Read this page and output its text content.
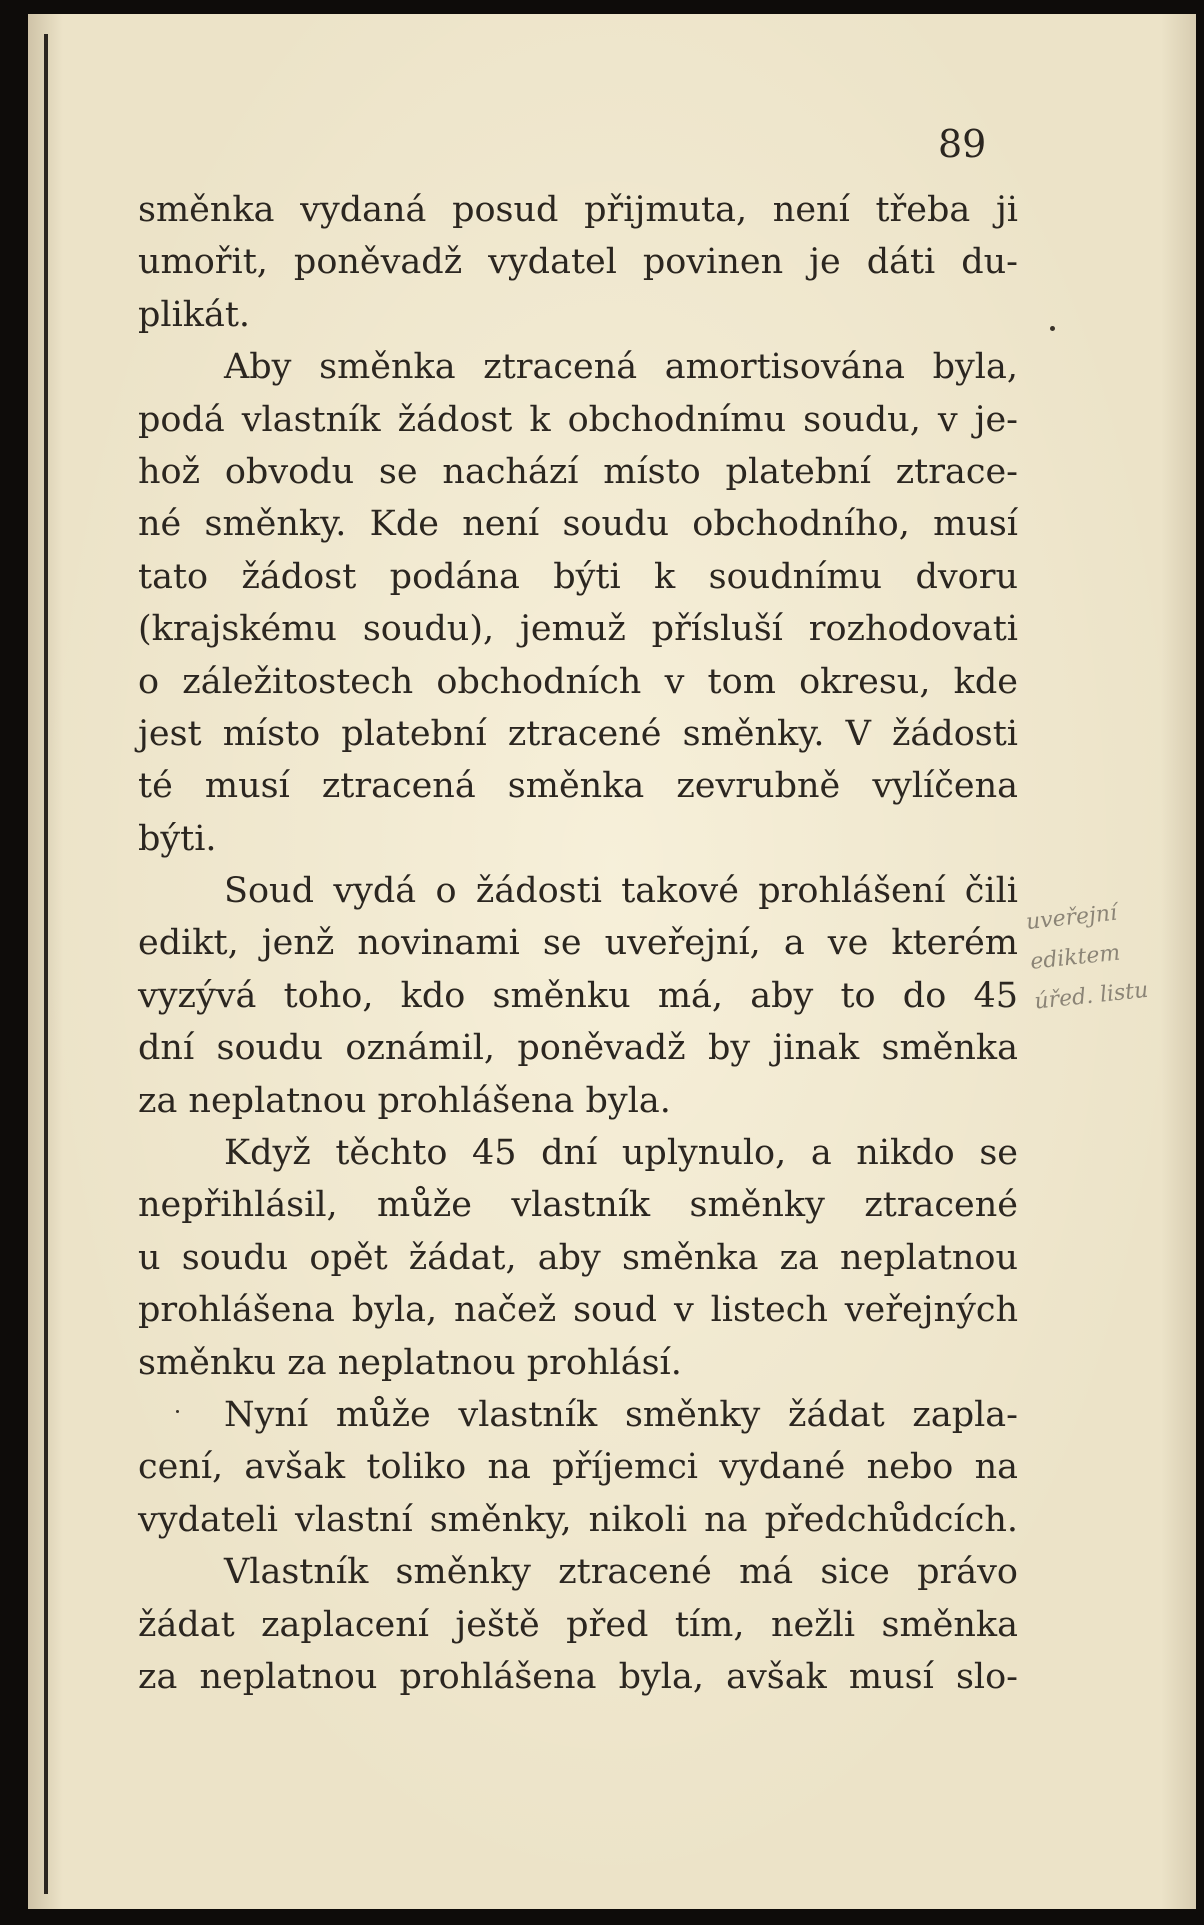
89
směnka vydaná posud přijmuta, není třeba ji
umořit, poněvadž vydatel povinen je dáti du-
plikát.
Aby směnka ztracená amortisována byla,
podá vlastník žádost k obchodnímu soudu, v je-
hož obvodu se nachází místo platební ztrace-
né směnky. Kde není soudu obchodního, musí
tato žádost podána býti k soudnímu dvoru
(krajskému soudu), jemuž přísluší rozhodovati
o záležitostech obchodních v tom okresu, kde
jest místo platební ztracené směnky. V žádosti
té musí ztracená směnka zevrubně vylíčena
býti.
Soud vydá o žádosti takové prohlášení čili
edikt, jenž novinami se uveřejní, a ve kterém
vyzývá toho, kdo směnku má, aby to do 45
dní soudu oznámil, poněvadž by jinak směnka
za neplatnou prohlášena byla.
Když těchto 45 dní uplynulo, a nikdo se
nepřihlásil, může vlastník směnky ztracené
u soudu opět žádat, aby směnka za neplatnou
prohlášena byla, načež soud v listech veřejných
směnku za neplatnou prohlásí.
Nyní může vlastník směnky žádat zapla-
cení, avšak toliko na příjemci vydané nebo na
vydateli vlastní směnky, nikoli na předchůdcích.
Vlastník směnky ztracené má sice právo
žádat zaplacení ještě před tím, nežli směnka
za neplatnou prohlášena byla, avšak musí slo-
uveřejní
ediktem
úřed. listu
